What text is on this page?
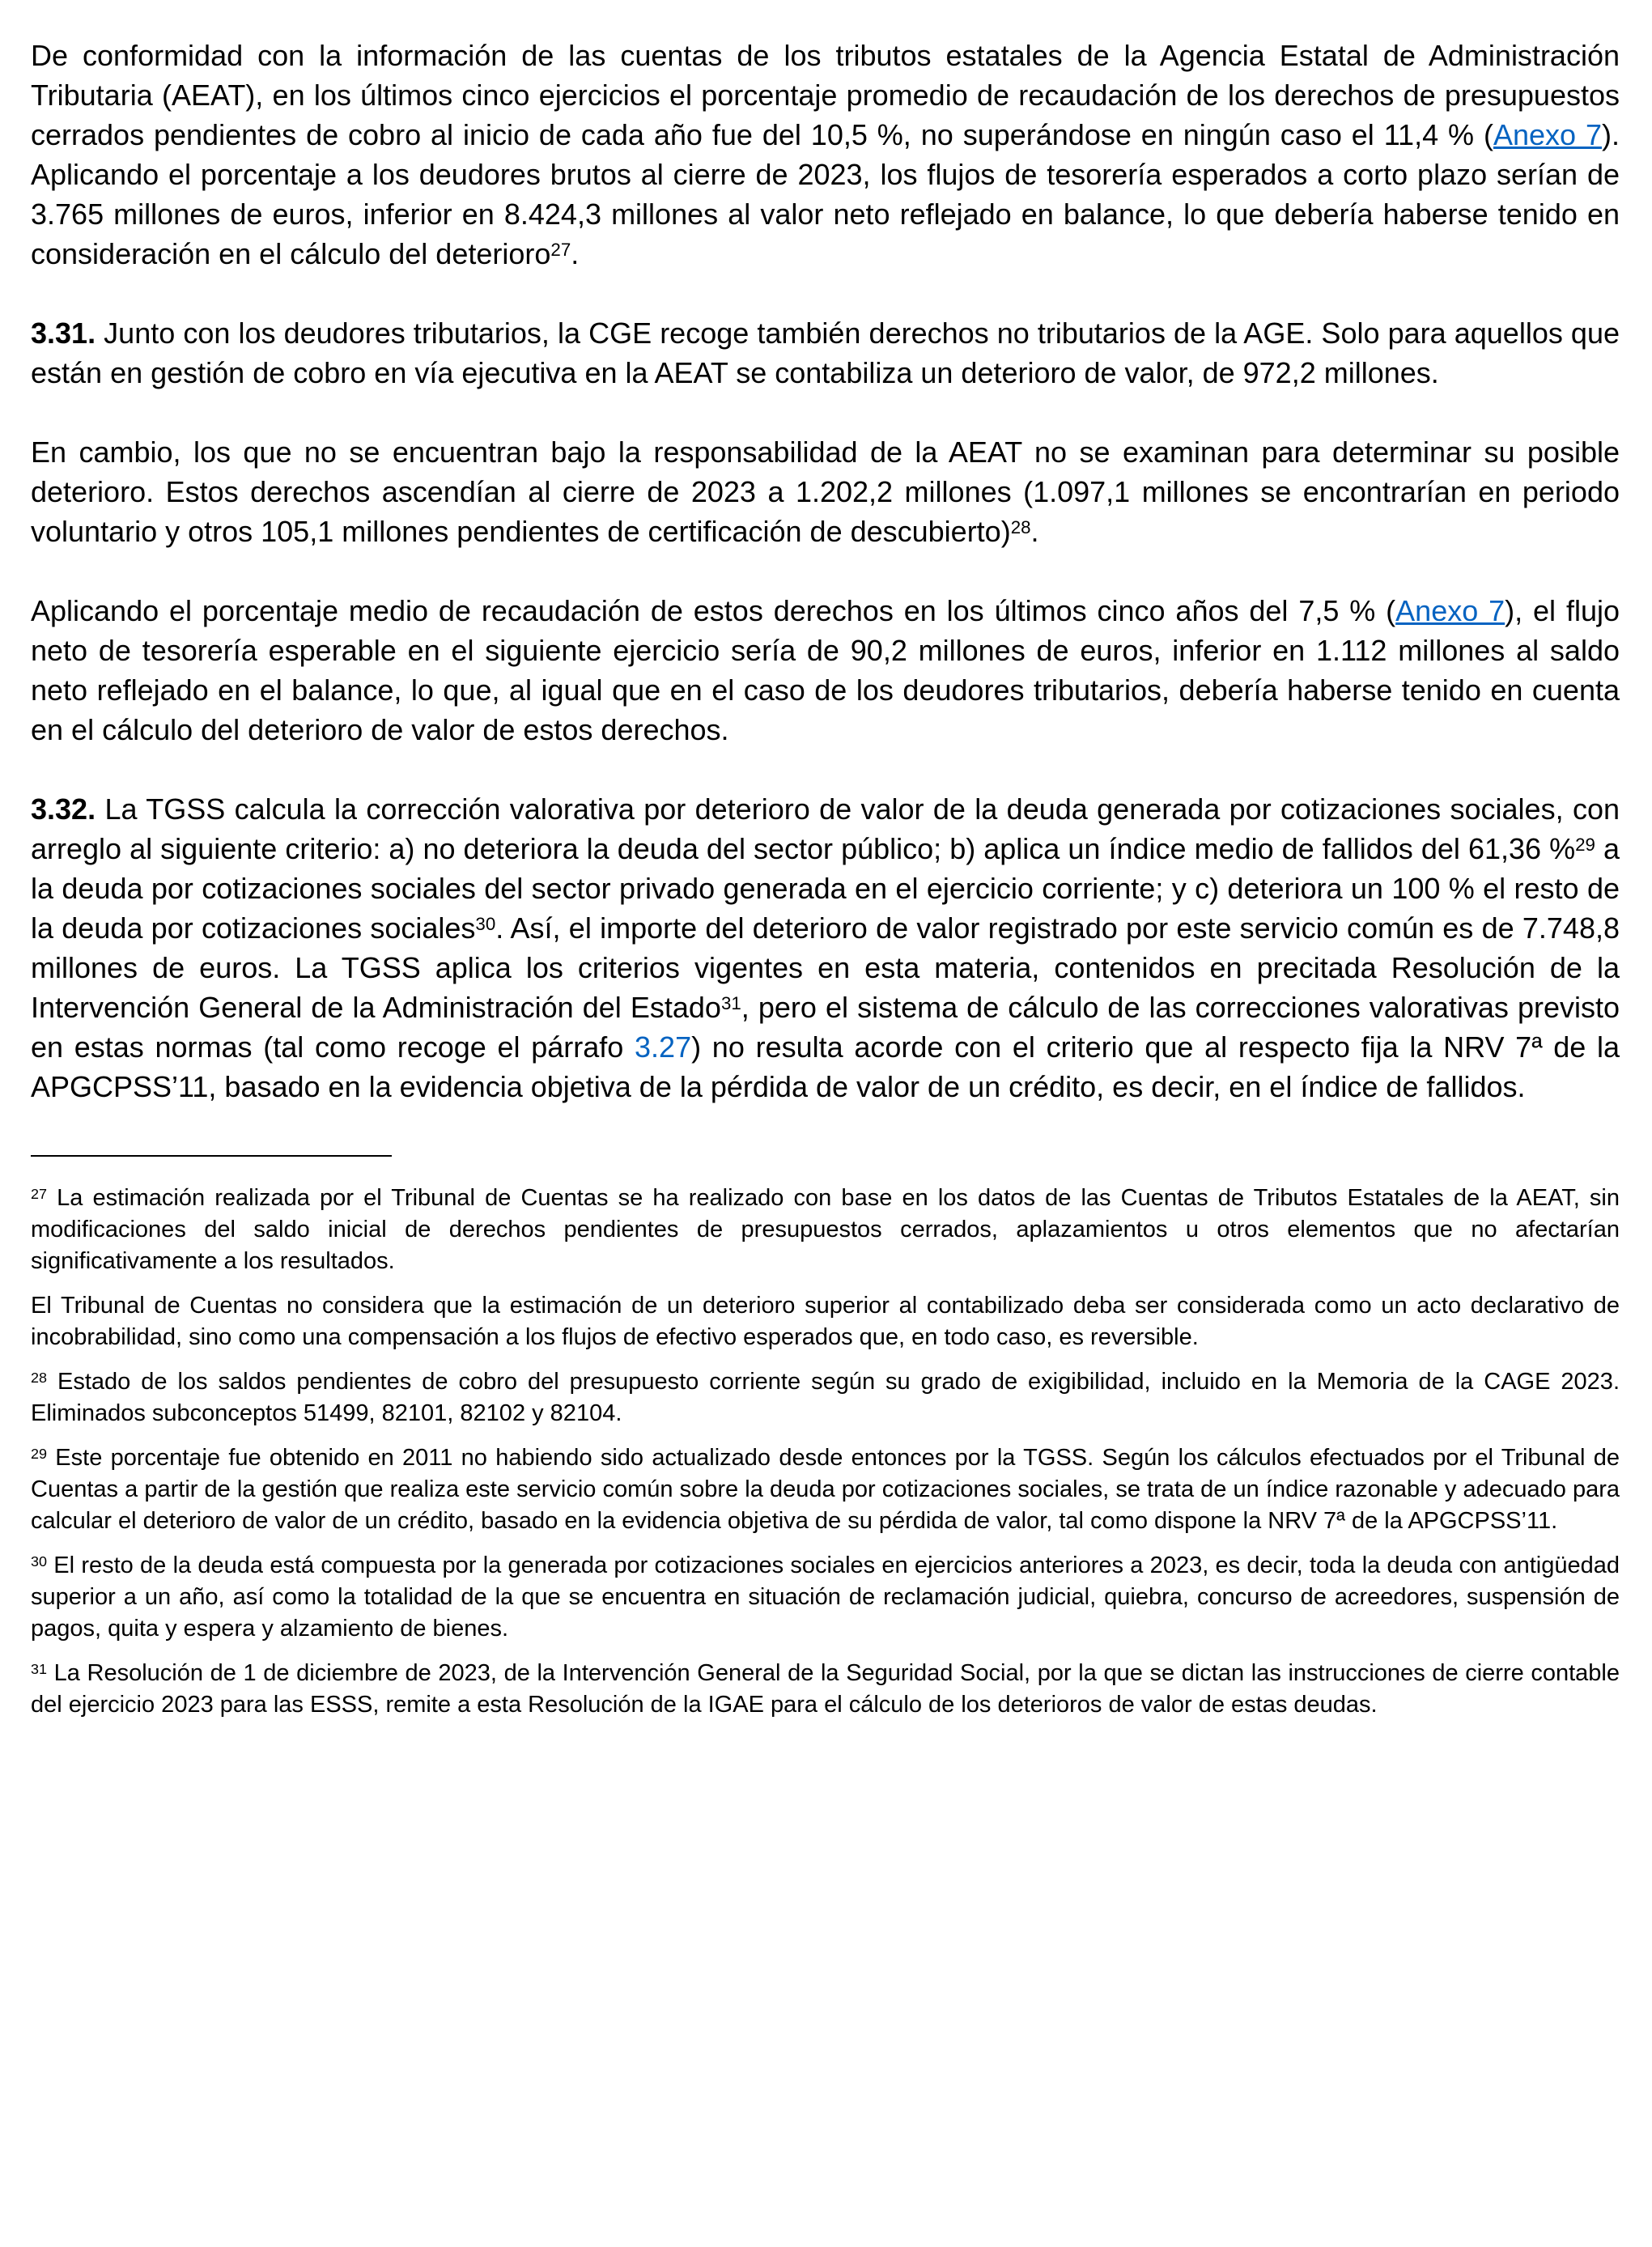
De conformidad con la información de las cuentas de los tributos estatales de la Agencia Estatal de Administración Tributaria (AEAT), en los últimos cinco ejercicios el porcentaje promedio de recaudación de los derechos de presupuestos cerrados pendientes de cobro al inicio de cada año fue del 10,5 %, no superándose en ningún caso el 11,4 % (Anexo 7). Aplicando el porcentaje a los deudores brutos al cierre de 2023, los flujos de tesorería esperados a corto plazo serían de 3.765 millones de euros, inferior en 8.424,3 millones al valor neto reflejado en balance, lo que debería haberse tenido en consideración en el cálculo del deterioro$^{27}$.

3.31. Junto con los deudores tributarios, la CGE recoge también derechos no tributarios de la AGE. Solo para aquellos que están en gestión de cobro en vía ejecutiva en la AEAT se contabiliza un deterioro de valor, de 972,2 millones.

En cambio, los que no se encuentran bajo la responsabilidad de la AEAT no se examinan para determinar su posible deterioro. Estos derechos ascendían al cierre de 2023 a 1.202,2 millones (1.097,1 millones se encontrarían en periodo voluntario y otros 105,1 millones pendientes de certificación de descubierto)$^{28}$.

Aplicando el porcentaje medio de recaudación de estos derechos en los últimos cinco años del 7,5 % (Anexo 7), el flujo neto de tesorería esperable en el siguiente ejercicio sería de 90,2 millones de euros, inferior en 1.112 millones al saldo neto reflejado en el balance, lo que, al igual que en el caso de los deudores tributarios, debería haberse tenido en cuenta en el cálculo del deterioro de valor de estos derechos.

3.32. La TGSS calcula la corrección valorativa por deterioro de valor de la deuda generada por cotizaciones sociales, con arreglo al siguiente criterio: a) no deteriora la deuda del sector público; b) aplica un índice medio de fallidos del 61,36 %$^{29}$ a la deuda por cotizaciones sociales del sector privado generada en el ejercicio corriente; y c) deteriora un 100 % el resto de la deuda por cotizaciones sociales$^{30}$. Así, el importe del deterioro de valor registrado por este servicio común es de 7.748,8 millones de euros. La TGSS aplica los criterios vigentes en esta materia, contenidos en precitada Resolución de la Intervención General de la Administración del Estado$^{31}$, pero el sistema de cálculo de las correcciones valorativas previsto en estas normas (tal como recoge el párrafo 3.27) no resulta acorde con el criterio que al respecto fija la NRV 7ª de la APGCPSS’11, basado en la evidencia objetiva de la pérdida de valor de un crédito, es decir, en el índice de fallidos.

$^{27}$ La estimación realizada por el Tribunal de Cuentas se ha realizado con base en los datos de las Cuentas de Tributos Estatales de la AEAT, sin modificaciones del saldo inicial de derechos pendientes de presupuestos cerrados, aplazamientos u otros elementos que no afectarían significativamente a los resultados.

El Tribunal de Cuentas no considera que la estimación de un deterioro superior al contabilizado deba ser considerada como un acto declarativo de incobrabilidad, sino como una compensación a los flujos de efectivo esperados que, en todo caso, es reversible.

$^{28}$ Estado de los saldos pendientes de cobro del presupuesto corriente según su grado de exigibilidad, incluido en la Memoria de la CAGE 2023. Eliminados subconceptos 51499, 82101, 82102 y 82104.

$^{29}$ Este porcentaje fue obtenido en 2011 no habiendo sido actualizado desde entonces por la TGSS. Según los cálculos efectuados por el Tribunal de Cuentas a partir de la gestión que realiza este servicio común sobre la deuda por cotizaciones sociales, se trata de un índice razonable y adecuado para calcular el deterioro de valor de un crédito, basado en la evidencia objetiva de su pérdida de valor, tal como dispone la NRV 7ª de la APGCPSS’11.

$^{30}$ El resto de la deuda está compuesta por la generada por cotizaciones sociales en ejercicios anteriores a 2023, es decir, toda la deuda con antigüedad superior a un año, así como la totalidad de la que se encuentra en situación de reclamación judicial, quiebra, concurso de acreedores, suspensión de pagos, quita y espera y alzamiento de bienes.

$^{31}$ La Resolución de 1 de diciembre de 2023, de la Intervención General de la Seguridad Social, por la que se dictan las instrucciones de cierre contable del ejercicio 2023 para las ESSS, remite a esta Resolución de la IGAE para el cálculo de los deterioros de valor de estas deudas.
